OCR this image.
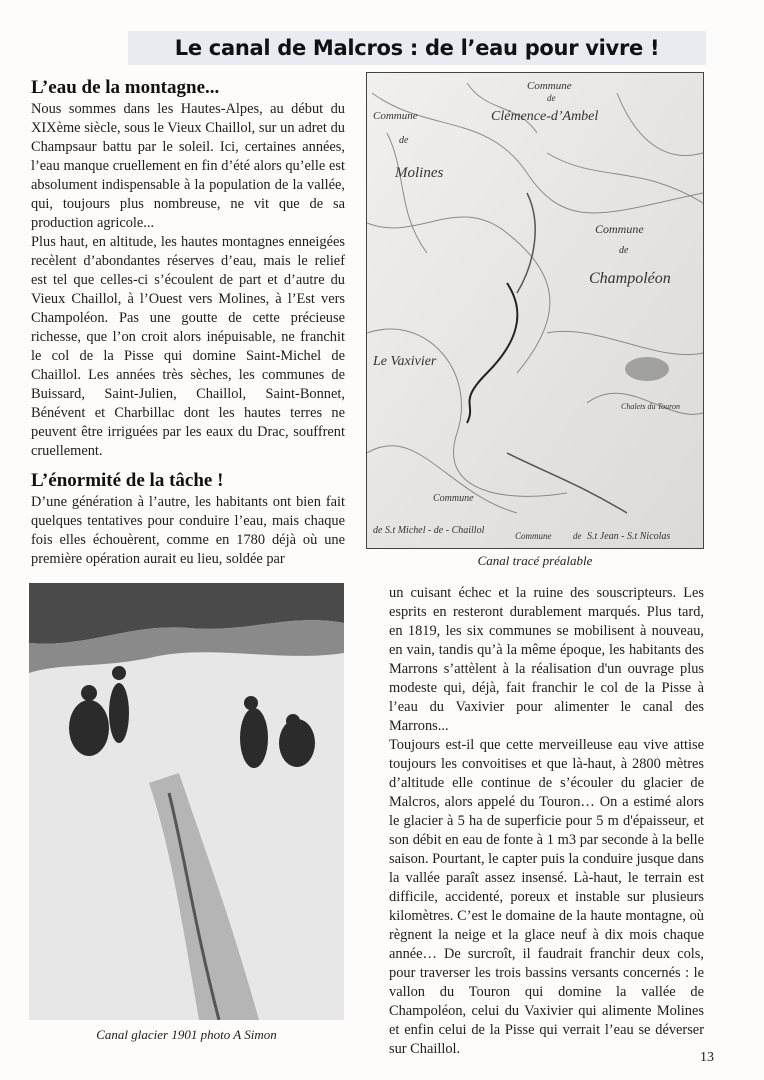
Le canal de Malcros : de l’eau pour vivre !
L’eau de la montagne...

Nous sommes dans les Hautes-Alpes, au début du XIXème siècle, sous le Vieux Chaillol, sur un adret du Champsaur battu par le soleil. Ici, certaines années, l’eau manque cruellement en fin d’été alors qu’elle est absolument indispensable à la population de la vallée, qui, toujours plus nombreuse, ne vit que de sa production agricole...

Plus haut, en altitude, les hautes montagnes enneigées recèlent d’abondantes réserves d’eau, mais le relief est tel que celles-ci s’écoulent de part et d’autre du Vieux Chaillol, à l’Ouest vers Molines, à l’Est vers Champoléon. Pas une goutte de cette précieuse richesse, que l’on croit alors inépuisable, ne franchit le col de la Pisse qui domine Saint-Michel de Chaillol. Les années très sèches, les communes de Buissard, Saint-Julien, Chaillol, Saint-Bonnet, Bénévent et Charbillac dont les hautes terres ne peuvent être irriguées par les eaux du Drac, souffrent cruellement.

L’énormité de la tâche !

D’une génération à l’autre, les habitants ont bien fait quelques tentatives pour conduire l’eau, mais chaque fois elles échouèrent, comme en 1780 déjà où une première opération aurait eu lieu, soldée par

Commune
de
Clémence-d’Ambel
Commune
de
Molines
Commune
de
Champoléon
Le Vaxivier
Chalets du Touron
Commune
de S.t Michel - de - Chaillol	Commune de S.t Jean - S.t Nicolas
Canal tracé préalable
Canal glacier 1901 photo A Simon

un cuisant échec et la ruine des souscripteurs. Les esprits en resteront durablement marqués. Plus tard, en 1819, les six communes se mobilisent à nouveau, en vain, tandis qu’à la même époque, les habitants des Marrons s’attèlent à la réalisation d'un ouvrage plus modeste qui, déjà, fait franchir le col de la Pisse à l’eau du Vaxivier pour alimenter le canal des Marrons...

Toujours est-il que cette merveilleuse eau vive attise toujours les convoitises et que là-haut, à 2800 mètres d’altitude elle continue de s’écouler du glacier de Malcros, alors appelé du Touron… On a estimé alors le glacier à 5 ha de superficie pour 5 m d'épaisseur, et son débit en eau de fonte à 1 m3 par seconde à la belle saison. Pourtant, le capter puis la conduire jusque dans la vallée paraît assez insensé. Là-haut, le terrain est difficile, accidenté, poreux et instable sur plusieurs kilomètres. C’est le domaine de la haute montagne, où règnent la neige et la glace neuf à dix mois chaque année… De surcroît, il faudrait franchir deux cols, pour traverser les trois bassins versants concernés : le vallon du Touron qui domine la vallée de Champoléon, celui du Vaxivier qui alimente Molines et enfin celui de la Pisse qui verrait l’eau se déverser sur Chaillol.

13
